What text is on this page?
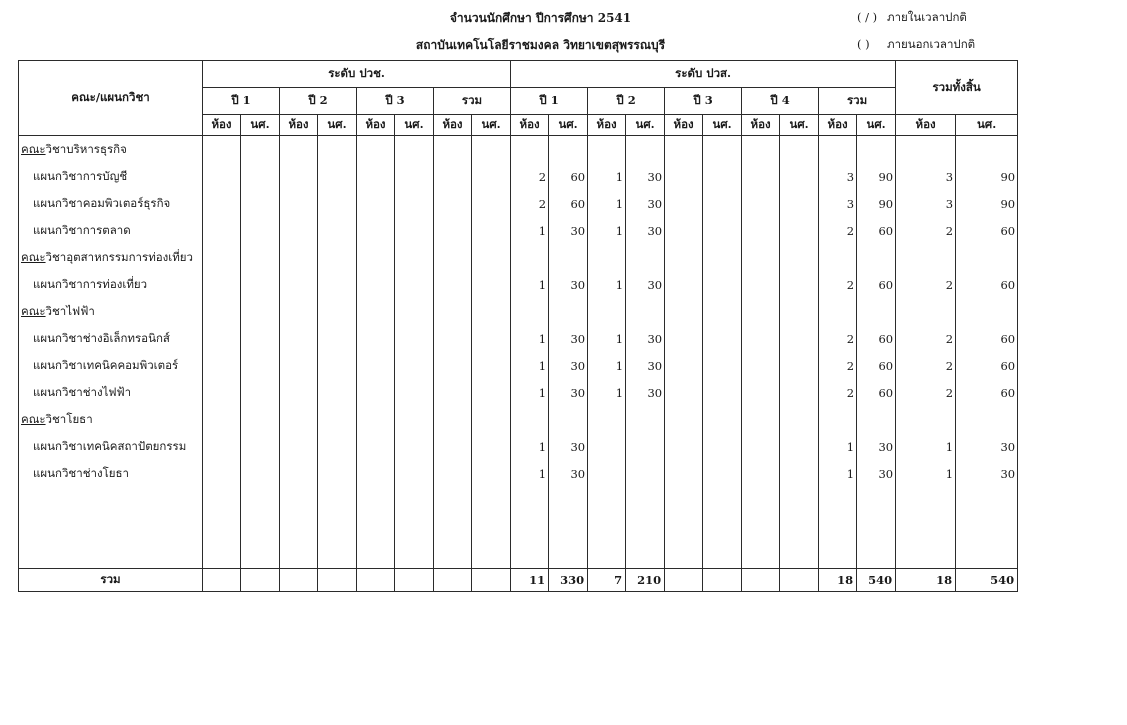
จำนวนนักศึกษา ปีการศึกษา 2541
สถาบันเทคโนโลยีราชมงคล วิทยาเขตสุพรรณบุรี
( / ) ภายในเวลาปกติ
( ) ภายนอกเวลาปกติ
คณะ/แผนกวิชา	ระดับ ปวช.								ระดับ ปวส.										รวมทั้งสิ้น	
	ปี 1		ปี 2		ปี 3		รวม		ปี 1		ปี 2		ปี 3		ปี 4		รวม			
	ห้อง	นศ.	ห้อง	นศ.	ห้อง	นศ.	ห้อง	นศ.	ห้อง	นศ.	ห้อง	นศ.	ห้อง	นศ.	ห้อง	นศ.	ห้อง	นศ.	ห้อง	นศ.
คณะวิชาบริหารธุรกิจ																				
แผนกวิชาการบัญชี									2	60	1	30					3	90	3	90
แผนกวิชาคอมพิวเตอร์ธุรกิจ									2	60	1	30					3	90	3	90
แผนกวิชาการตลาด									1	30	1	30					2	60	2	60
คณะวิชาอุตสาหกรรมการท่องเที่ยว																				
แผนกวิชาการท่องเที่ยว									1	30	1	30					2	60	2	60
คณะวิชาไฟฟ้า																				
แผนกวิชาช่างอิเล็กทรอนิกส์									1	30	1	30					2	60	2	60
แผนกวิชาเทคนิคคอมพิวเตอร์									1	30	1	30					2	60	2	60
แผนกวิชาช่างไฟฟ้า									1	30	1	30					2	60	2	60
คณะวิชาโยธา																				
แผนกวิชาเทคนิคสถาปัตยกรรม									1	30							1	30	1	30
แผนกวิชาช่างโยธา									1	30							1	30	1	30

รวม									11	330	7	210					18	540	18	540
